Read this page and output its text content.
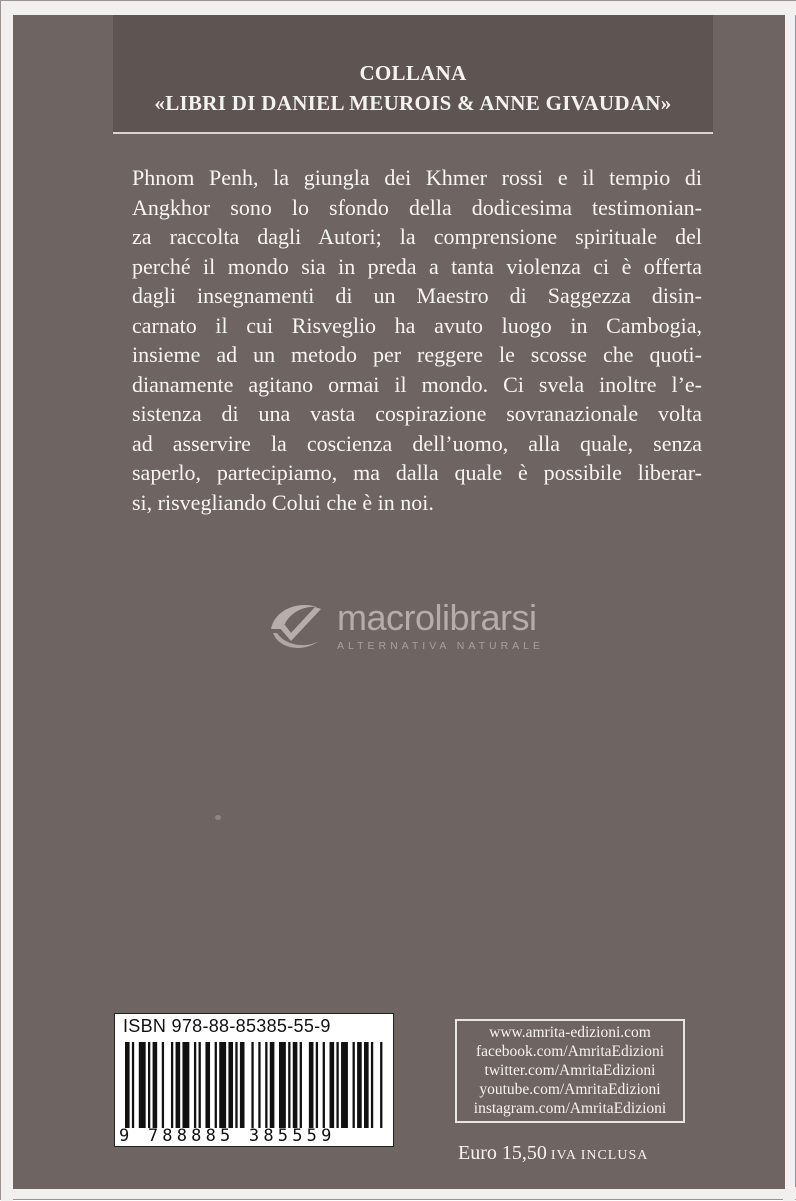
COLLANA
«LIBRI DI DANIEL MEUROIS & ANNE GIVAUDAN»
Phnom Penh, la giungla dei Khmer rossi e il tempio di
Angkhor sono lo sfondo della dodicesima testimonian-
za raccolta dagli Autori; la comprensione spirituale del
perché il mondo sia in preda a tanta violenza ci è offerta
dagli insegnamenti di un Maestro di Saggezza disin-
carnato il cui Risveglio ha avuto luogo in Cambogia,
insieme ad un metodo per reggere le scosse che quoti-
dianamente agitano ormai il mondo. Ci svela inoltre l’e-
sistenza di una vasta cospirazione sovranazionale volta
ad asservire la coscienza dell’uomo, alla quale, senza
saperlo, partecipiamo, ma dalla quale è possibile liberar-
si, risvegliando Colui che è in noi.
macrolibrarsi
ALTERNATIVA NATURALE
ISBN 978-88-85385-55-9
9 788885 385559
www.amrita-edizioni.com
facebook.com/AmritaEdizioni
twitter.com/AmritaEdizioni
youtube.com/AmritaEdizioni
instagram.com/AmritaEdizioni
Euro 15,50 IVA INCLUSA
